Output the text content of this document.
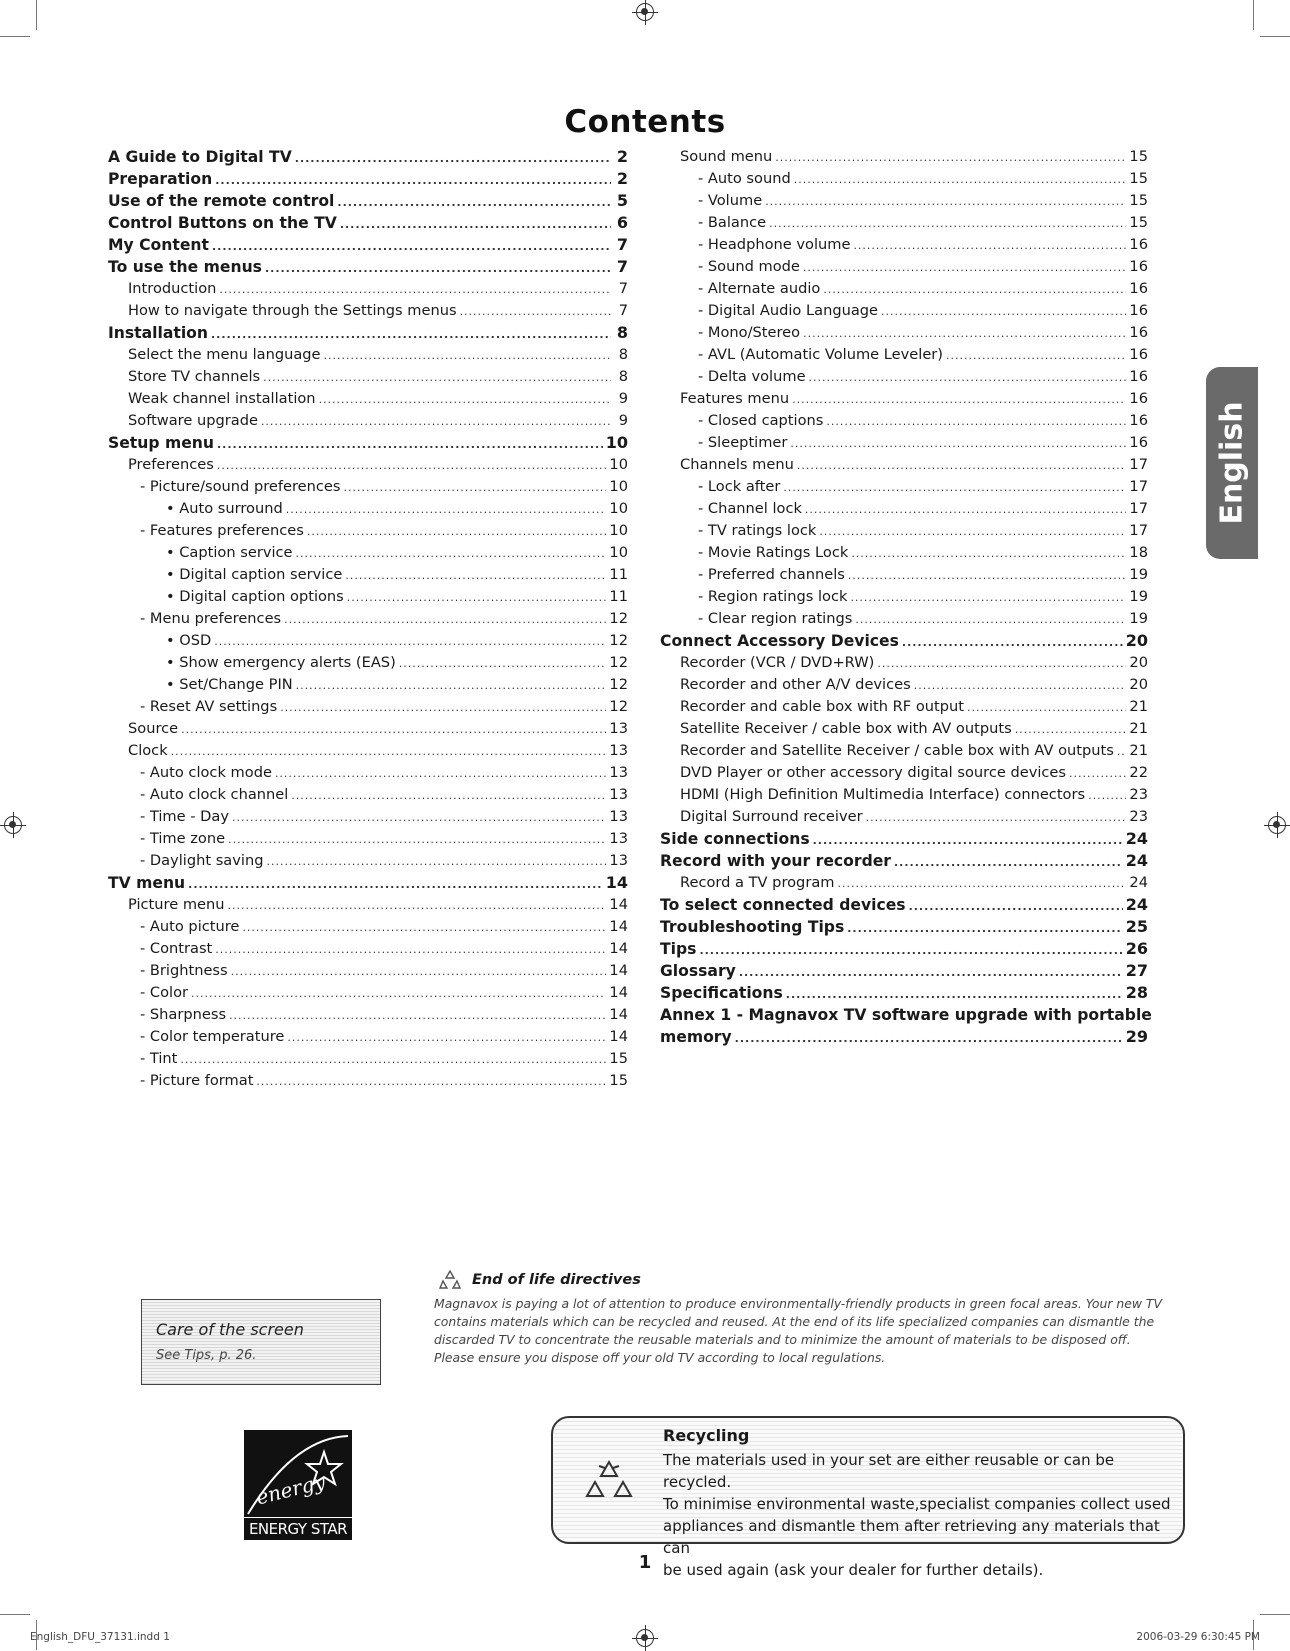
Contents
A Guide to Digital TV .....	2
Preparation .....	2
Use of the remote control .....	5
Control Buttons on the TV .....	6
My Content .....	7
To use the menus .....	7
Introduction .....	7
How to navigate through the Settings menus .....	7
Installation .....	8
Select the menu language .....	8
Store TV channels .....	8
Weak channel installation .....	9
Software upgrade .....	9
Setup menu .....	10
Preferences .....	10
- Picture/sound preferences .....	10
• Auto surround .....	10
- Features preferences .....	10
• Caption service .....	10
• Digital caption service .....	11
• Digital caption options .....	11
- Menu preferences .....	12
• OSD .....	12
• Show emergency alerts (EAS) .....	12
• Set/Change PIN .....	12
- Reset AV settings .....	12
Source .....	13
Clock .....	13
- Auto clock mode .....	13
- Auto clock channel .....	13
- Time - Day .....	13
- Time zone .....	13
- Daylight saving .....	13
TV menu .....	14
Picture menu .....	14
- Auto picture .....	14
- Contrast .....	14
- Brightness .....	14
- Color .....	14
- Sharpness .....	14
- Color temperature .....	14
- Tint .....	15
- Picture format .....	15
Sound menu .....	15
- Auto sound .....	15
- Volume .....	15
- Balance .....	15
- Headphone volume .....	16
- Sound mode .....	16
- Alternate audio .....	16
- Digital Audio Language .....	16
- Mono/Stereo .....	16
- AVL (Automatic Volume Leveler) .....	16
- Delta volume .....	16
Features menu .....	16
- Closed captions .....	16
- Sleeptimer .....	16
Channels menu .....	17
- Lock after .....	17
- Channel lock .....	17
- TV ratings lock .....	17
- Movie Ratings Lock .....	18
- Preferred channels .....	19
- Region ratings lock .....	19
- Clear region ratings .....	19
Connect Accessory Devices .....	20
Recorder (VCR / DVD+RW) .....	20
Recorder and other A/V devices .....	20
Recorder and cable box with RF output .....	21
Satellite Receiver / cable box with AV outputs .....	21
Recorder and Satellite Receiver / cable box with AV outputs ..... 21
DVD Player or other accessory digital source devices .....	22
HDMI (High Definition Multimedia Interface) connectors .....	23
Digital Surround receiver .....	23
Side connections .....	24
Record with your recorder .....	24
Record a TV program .....	24
To select connected devices .....	24
Troubleshooting Tips .....	25
Tips .....	26
Glossary .....	27
Specifications .....	28
Annex 1 - Magnavox TV software upgrade with portable
memory .....	29
English
Care of the screen
See Tips, p. 26.
End of life directives
Magnavox is paying a lot of attention to produce environmentally-friendly products in green focal areas. Your new TV
contains materials which can be recycled and reused. At the end of its life specialized companies can dismantle the
discarded TV to concentrate the reusable materials and to minimize the amount of materials to be disposed off.
Please ensure you dispose off your old TV according to local regulations.
energy
ENERGY STAR
Recycling
The materials used in your set are either reusable or can be recycled.
To minimise environmental waste,specialist companies collect used
appliances and dismantle them after retrieving any materials that can
be used again (ask your dealer for further details).
1
English_DFU_37131.indd 1	2006-03-29 6:30:45 PM
